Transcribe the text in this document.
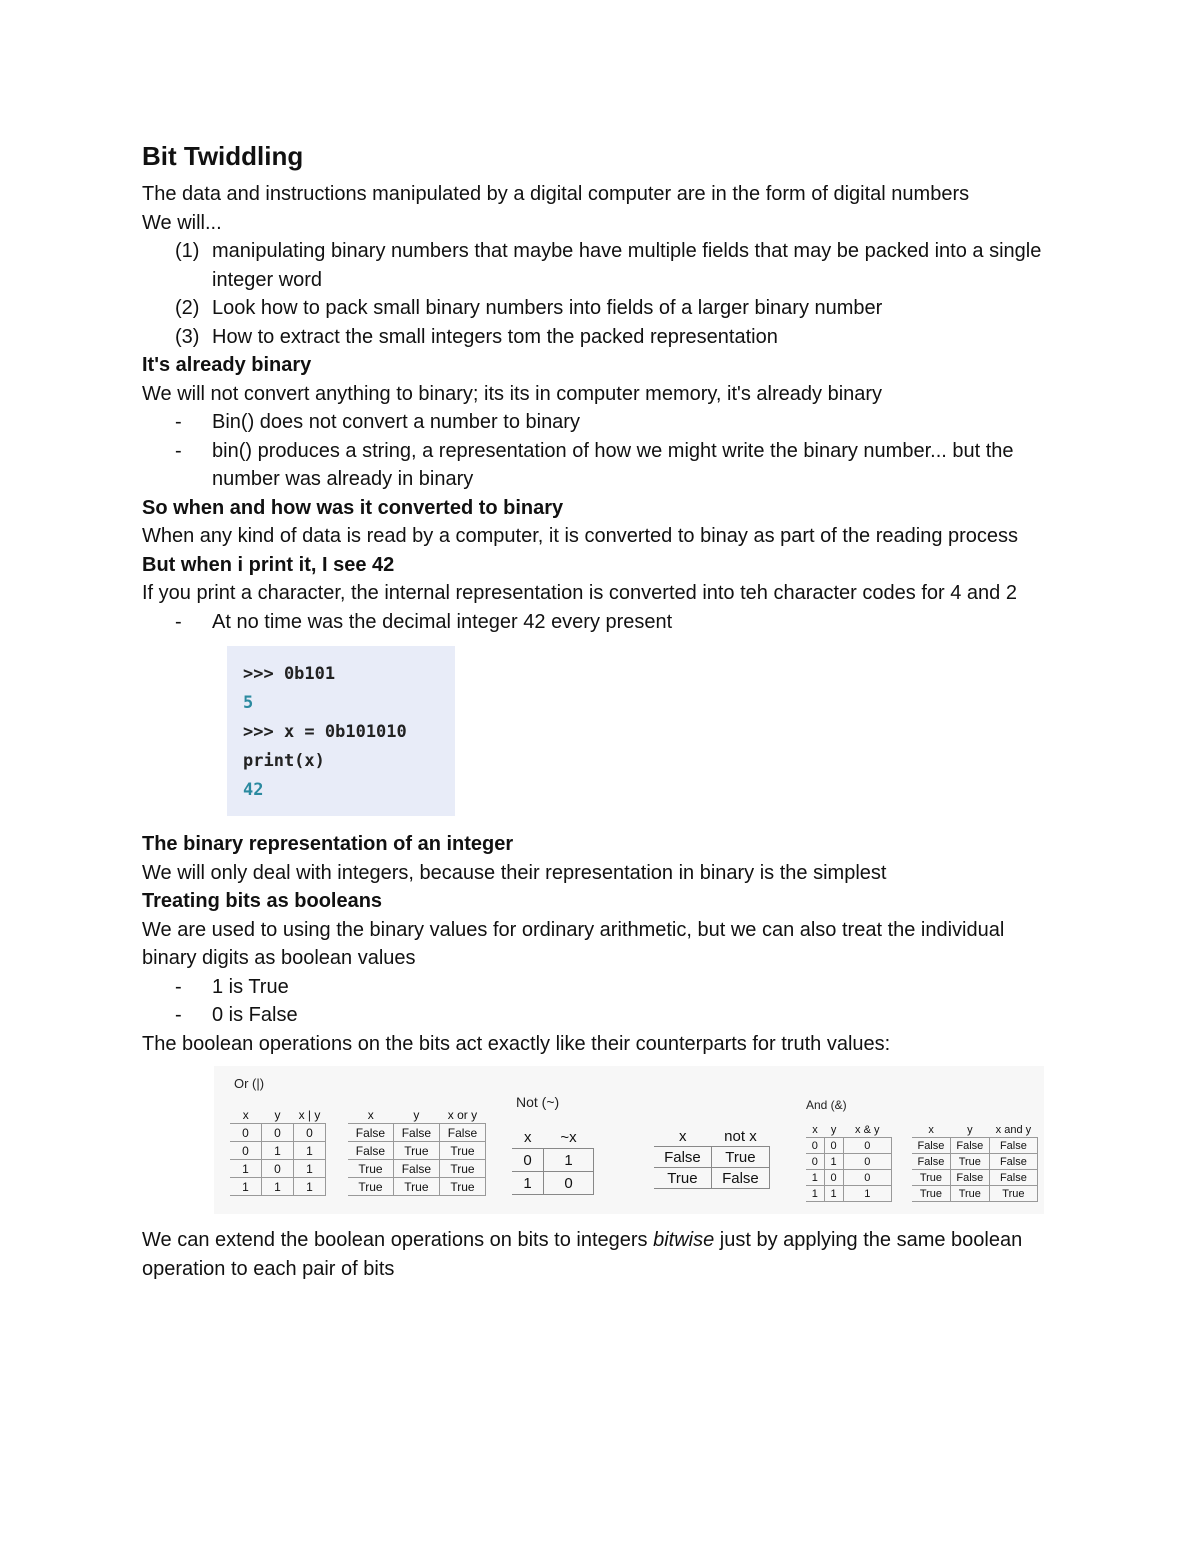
Bit Twiddling

The data and instructions manipulated by a digital computer are in the form of digital numbers

We will...

(1) manipulating binary numbers that maybe have multiple fields that may be packed into a single integer word
(2) Look how to pack small binary numbers into fields of a larger binary number
(3) How to extract the small integers tom the packed representation
It's already binary

We will not convert anything to binary; its its in computer memory, it's already binary

- Bin() does not convert a number to binary
- bin() produces a string, a representation of how we might write the binary number... but the number was already in binary
So when and how was it converted to binary

When any kind of data is read by a computer, it is converted to binay as part of the reading process

But when i print it, I see 42

If you print a character, the internal representation is converted into teh character codes for 4 and 2

- At no time was the decimal integer 42 every present
>>> 0b101
5
>>> x = 0b101010
print(x)
42
The binary representation of an integer

We will only deal with integers, because their representation in binary is the simplest

Treating bits as booleans

We are used to using the binary values for ordinary arithmetic, but we can also treat the individual binary digits as boolean values

- 1 is True
- 0 is False

The boolean operations on the bits act exactly like their counterparts for truth values:

Or (|)
x	y	x | y
0	0	0
0	1	1
1	0	1
1	1	1
x	y	x or y
False	False	False
False	True	True
True	False	True
True	True	True
Not (~)
x	~x
0	1
1	0
x	not x
False	True
True	False
And (&)
x	y	x & y
0	0	0
0	1	0
1	0	0
1	1	1
x	y	x and y
False	False	False
False	True	False
True	False	False
True	True	True

We can extend the boolean operations on bits to integers bitwise just by applying the same boolean operation to each pair of bits
